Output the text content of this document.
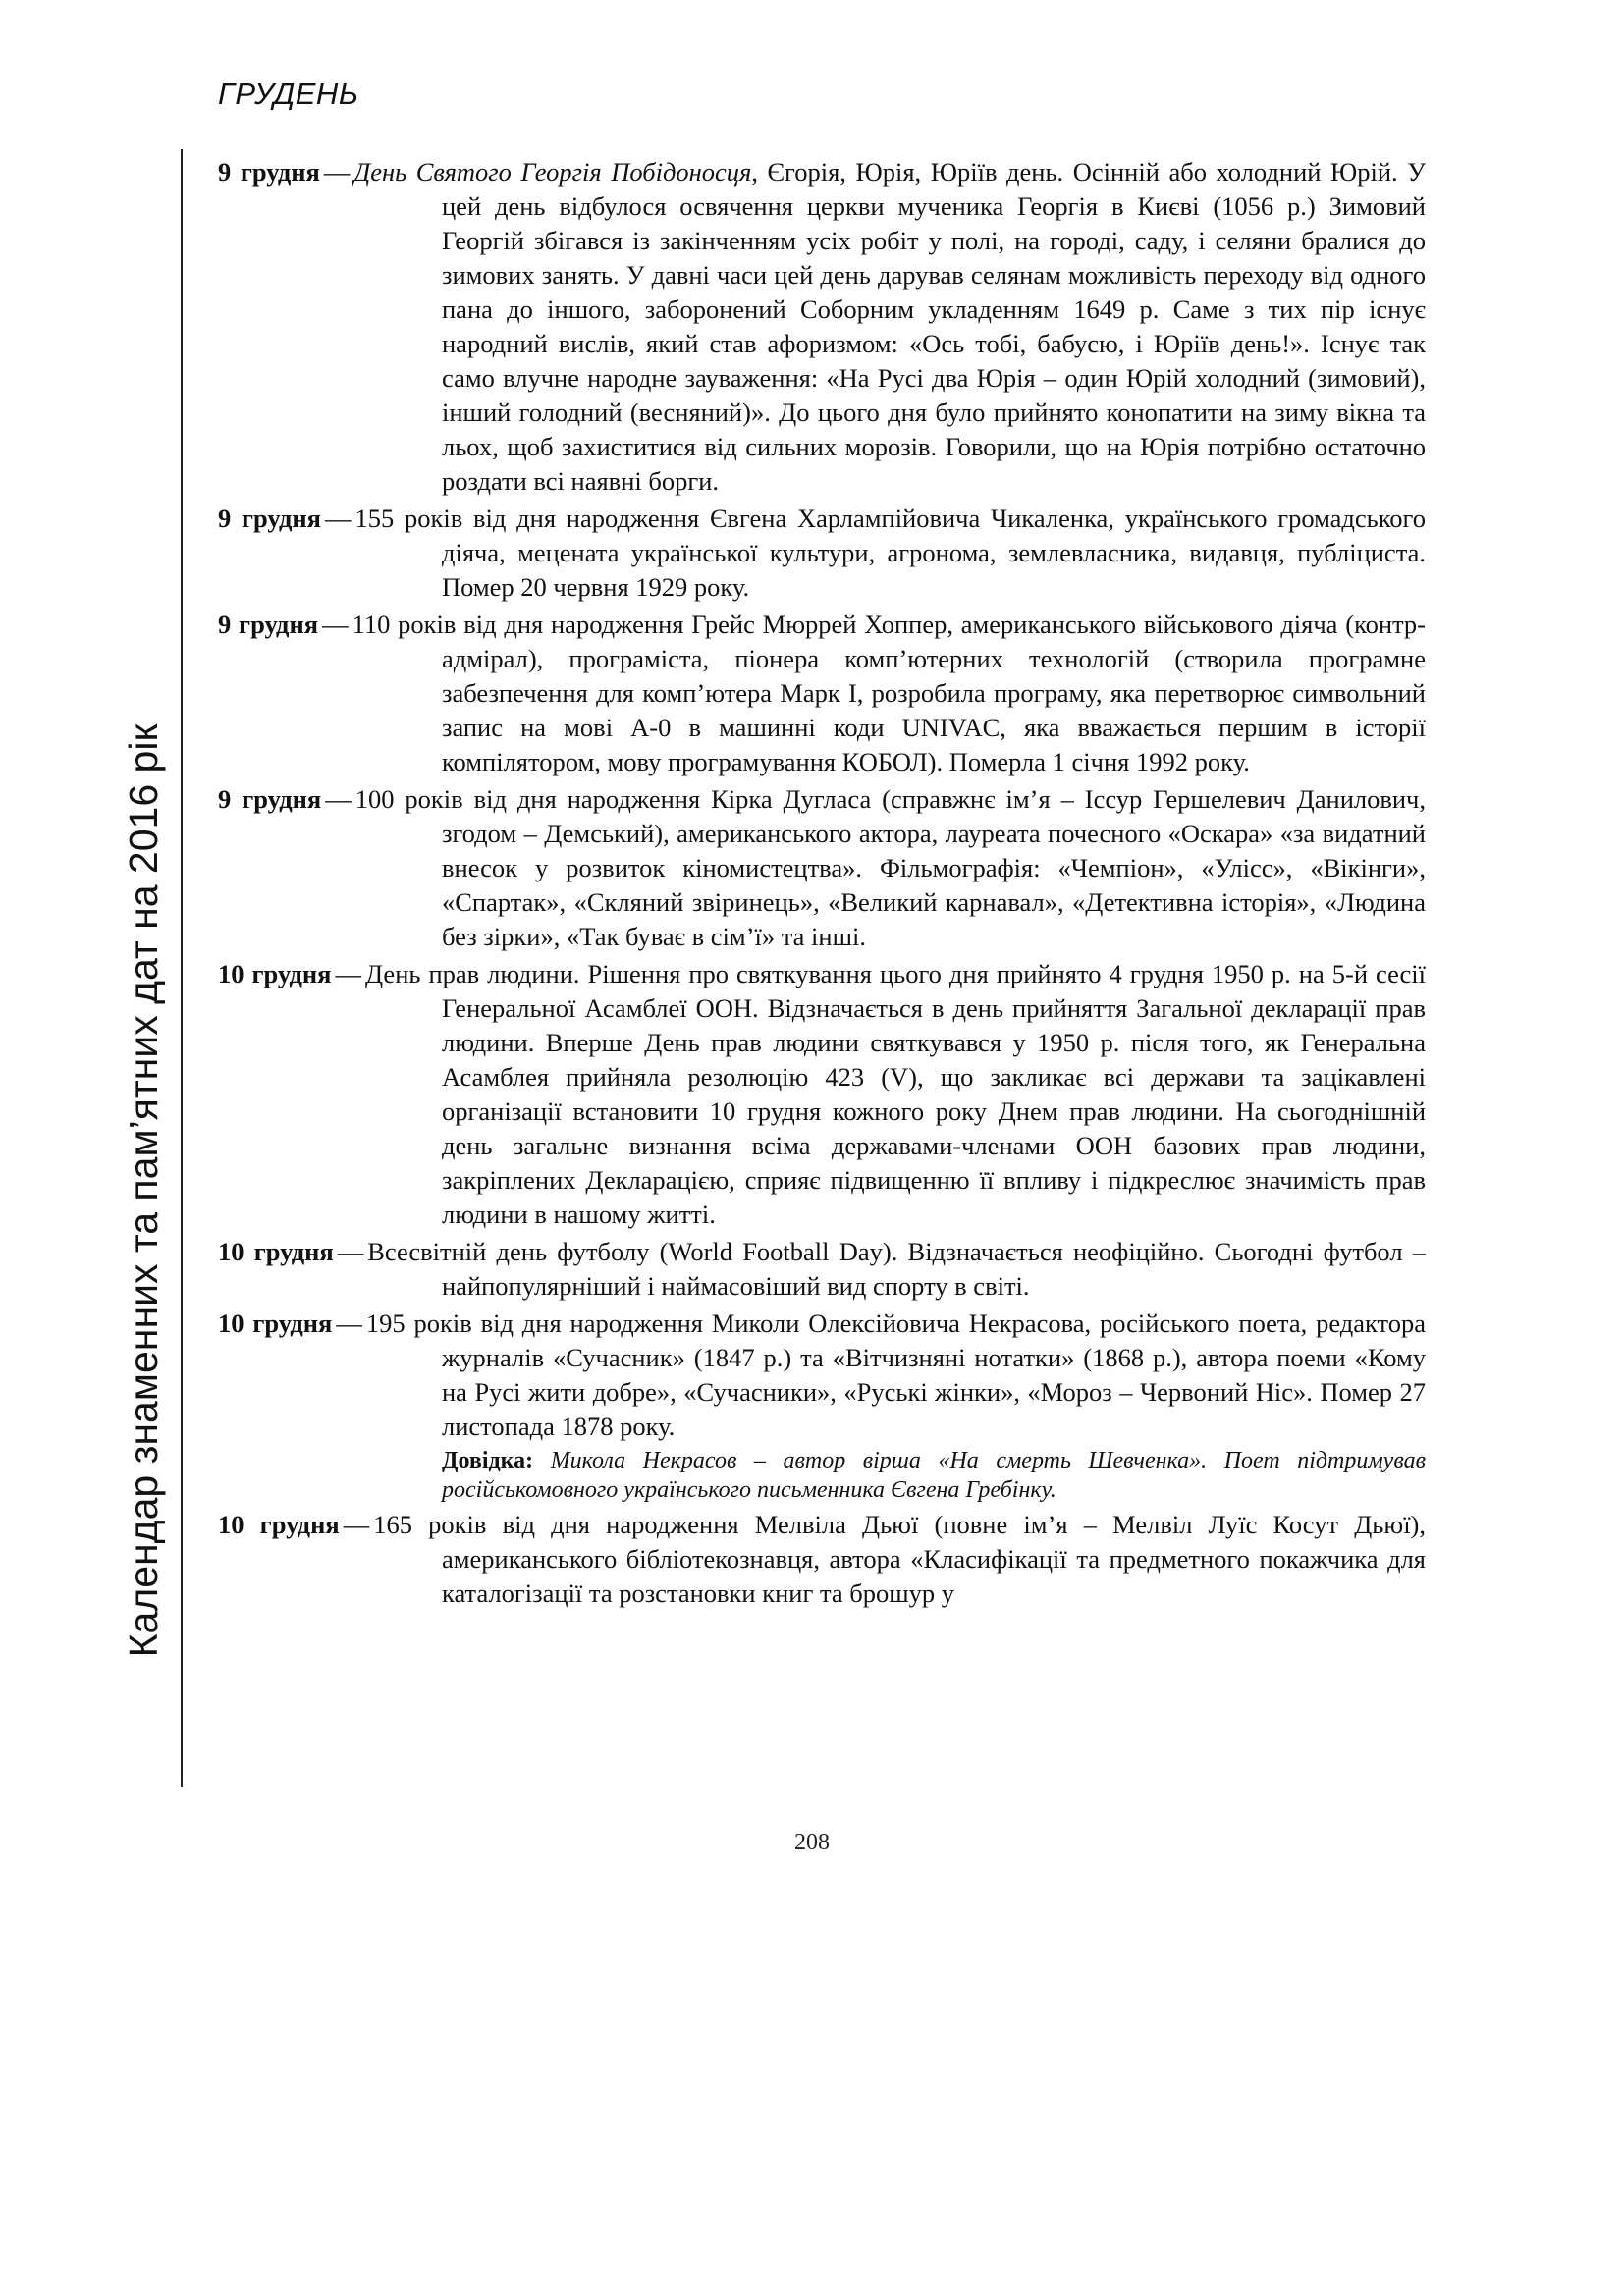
ГРУДЕНЬ
Календар знаменних та пам’ятних дат на 2016 рік

9 грудня — День Святого Георгія Побідоносця, Єгорія, Юрія, Юріїв день. Осінній або холодний Юрій. У цей день відбулося освячення церкви мученика Георгія в Києві (1056 р.) Зимовий Георгій збігався із закінченням усіх робіт у полі, на городі, саду, і селяни бралися до зимових занять. У давні часи цей день дарував селянам можливість переходу від одного пана до іншого, заборонений Соборним укладенням 1649 р. Саме з тих пір існує народний вислів, який став афоризмом: «Ось тобі, бабусю, і Юріїв день!». Існує так само влучне народне зауваження: «На Русі два Юрія – один Юрій холодний (зимовий), інший голодний (весняний)». До цього дня було прийнято конопатити на зиму вікна та льох, щоб захиститися від сильних морозів. Говорили, що на Юрія потрібно остаточно роздати всі наявні борги.

9 грудня — 155 років від дня народження Євгена Харлампійовича Чикаленка, українського громадського діяча, мецената української культури, агронома, землевласника, видавця, публіциста. Помер 20 червня 1929 року.

9 грудня — 110 років від дня народження Грейс Мюррей Хоппер, американського військового діяча (контр-адмірал), програміста, піонера комп’ютерних технологій (створила програмне забезпечення для комп’ютера Марк I, розробила програму, яка перетворює символьний запис на мові A-0 в машинні коди UNIVAC, яка вважається першим в історії компілятором, мову програмування КОБОЛ). Померла 1 січня 1992 року.

9 грудня — 100 років від дня народження Кірка Дугласа (справжнє ім’я – Іссур Гершелевич Данилович, згодом – Демський), американського актора, лауреата почесного «Оскара» «за видатний внесок у розвиток кіномистецтва». Фільмографія: «Чемпіон», «Улісс», «Вікінги», «Спартак», «Скляний звіринець», «Великий карнавал», «Детективна історія», «Людина без зірки», «Так буває в сім’ї» та інші.

10 грудня — День прав людини. Рішення про святкування цього дня прийнято 4 грудня 1950 р. на 5-й сесії Генеральної Асамблеї ООН. Відзначається в день прийняття Загальної декларації прав людини. Вперше День прав людини святкувався у 1950 р. після того, як Генеральна Асамблея прийняла резолюцію 423 (V), що закликає всі держави та зацікавлені організації встановити 10 грудня кожного року Днем прав людини. На сьогоднішній день загальне визнання всіма державами-членами ООН базових прав людини, закріплених Декларацією, сприяє підвищенню її впливу і підкреслює значимість прав людини в нашому житті.

10 грудня — Всесвітній день футболу (World Football Day). Відзначається неофіційно. Сьогодні футбол – найпопулярніший і наймасовіший вид спорту в світі.

10 грудня — 195 років від дня народження Миколи Олексійовича Некрасова, російського поета, редактора журналів «Сучасник» (1847 р.) та «Вітчизняні нотатки» (1868 р.), автора поеми «Кому на Русі жити добре», «Сучасники», «Руські жінки», «Мороз – Червоний Ніс». Помер 27 листопада 1878 року.
Довідка: Микола Некрасов – автор вірша «На смерть Шевченка». Поет підтримував російськомовного українського письменника Євгена Гребінку.

10 грудня — 165 років від дня народження Мелвіла Дьюї (повне ім’я – Мелвіл Луїс Косут Дьюї), американського бібліотекознавця, автора «Класифікації та предметного покажчика для каталогізації та розстановки книг та брошур у

208
